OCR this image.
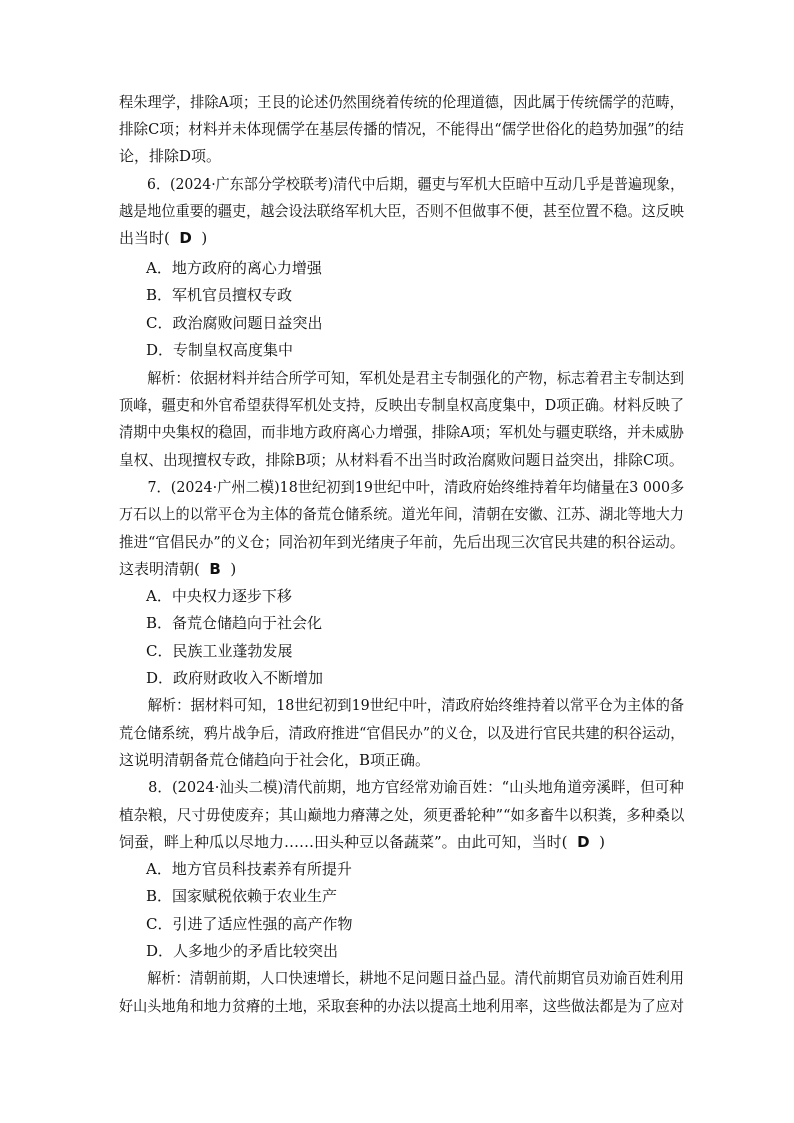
程朱理学，排除A项；王艮的论述仍然围绕着传统的伦理道德，因此属于传统儒学的范畴，
排除C项；材料并未体现儒学在基层传播的情况，不能得出“儒学世俗化的趋势加强”的结
论，排除D项。
　　6．(2024·广东部分学校联考)清代中后期，疆吏与军机大臣暗中互动几乎是普遍现象，
越是地位重要的疆吏，越会设法联络军机大臣，否则不但做事不便，甚至位置不稳。这反映
出当时( D )
A．地方政府的离心力增强
B．军机官员擅权专政
C．政治腐败问题日益突出
D．专制皇权高度集中
　　解析：依据材料并结合所学可知，军机处是君主专制强化的产物，标志着君主专制达到
顶峰，疆吏和外官希望获得军机处支持，反映出专制皇权高度集中，D项正确。材料反映了
清期中央集权的稳固，而非地方政府离心力增强，排除A项；军机处与疆吏联络，并未威胁
皇权、出现擅权专政，排除B项；从材料看不出当时政治腐败问题日益突出，排除C项。
　　7．(2024·广州二模)18世纪初到19世纪中叶，清政府始终维持着年均储量在3 000多
万石以上的以常平仓为主体的备荒仓储系统。道光年间，清朝在安徽、江苏、湖北等地大力
推进“官倡民办”的义仓；同治初年到光绪庚子年前，先后出现三次官民共建的积谷运动。
这表明清朝( B )
A．中央权力逐步下移
B．备荒仓储趋向于社会化
C．民族工业蓬勃发展
D．政府财政收入不断增加
　　解析：据材料可知，18世纪初到19世纪中叶，清政府始终维持着以常平仓为主体的备
荒仓储系统，鸦片战争后，清政府推进“官倡民办”的义仓，以及进行官民共建的积谷运动，
这说明清朝备荒仓储趋向于社会化，B项正确。
　　8．(2024·汕头二模)清代前期，地方官经常劝谕百姓：“山头地角道旁溪畔，但可种
植杂粮，尺寸毋使废弃；其山巅地力瘠薄之处，须更番轮种”“如多畜牛以积粪，多种桑以
饲蚕，畔上种瓜以尽地力……田头种豆以备蔬菜”。由此可知，当时( D )
A．地方官员科技素养有所提升
B．国家赋税依赖于农业生产
C．引进了适应性强的高产作物
D．人多地少的矛盾比较突出
　　解析：清朝前期，人口快速增长，耕地不足问题日益凸显。清代前期官员劝谕百姓利用
好山头地角和地力贫瘠的土地，采取套种的办法以提高土地利用率，这些做法都是为了应对
